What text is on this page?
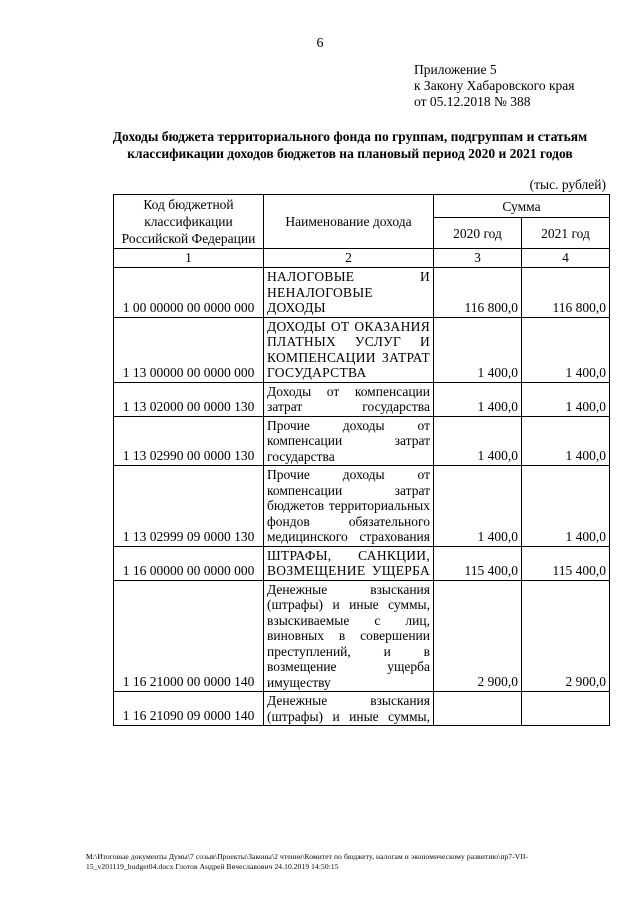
6
Приложение 5
к Закону Хабаровского края
от 05.12.2018 № 388
Доходы бюджета территориального фонда по группам, подгруппам и статьям
классификации доходов бюджетов на плановый период 2020 и 2021 годов
(тыс. рублей)
Код бюджетной классификации Российской Федерации	Наименование дохода	Сумма	
		2020 год	2021 год
1	2	3	4
1 00 00000 00 0000 000	НАЛОГОВЫЕ И НЕНАЛОГОВЫЕ ДОХОДЫ	116 800,0	116 800,0
1 13 00000 00 0000 000	ДОХОДЫ ОТ ОКАЗАНИЯ ПЛАТНЫХ УСЛУГ И КОМПЕНСАЦИИ ЗАТРАТ ГОСУДАРСТВА	1 400,0	1 400,0
1 13 02000 00 0000 130	Доходы от компенсации затрат государства	1 400,0	1 400,0
1 13 02990 00 0000 130	Прочие доходы от компенсации затрат государства	1 400,0	1 400,0
1 13 02999 09 0000 130	Прочие доходы от компенсации затрат бюджетов территориальных фондов обязательного медицинского страхования	1 400,0	1 400,0
1 16 00000 00 0000 000	ШТРАФЫ, САНКЦИИ, ВОЗМЕЩЕНИЕ УЩЕРБА	115 400,0	115 400,0
1 16 21000 00 0000 140	Денежные взыскания (штрафы) и иные суммы, взыскиваемые с лиц, виновных в совершении преступлений, и в возмещение ущерба имуществу	2 900,0	2 900,0
1 16 21090 09 0000 140	Денежные взыскания (штрафы) и иные суммы,		
M:\Итоговые документы Думы\7 созыв\Проекты\Законы\2 чтение\Комитет по бюджету, налогам и экономическому развитию\пр7-VII-
15_v201119_budget04.docx Глотов Андрей Вячеславович 24.10.2019 14:50:15
